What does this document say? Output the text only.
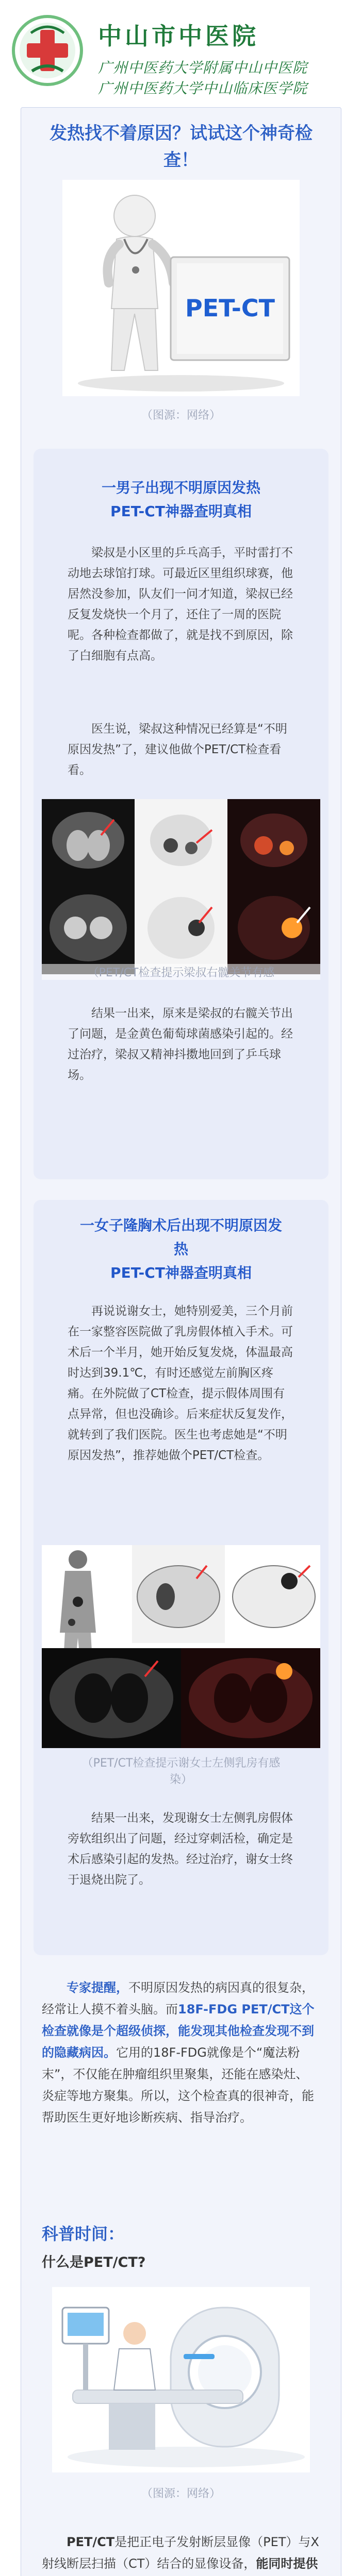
中山市中医院
广州中医药大学附属中山中医院
广州中医药大学中山临床医学院
发热找不着原因？试试这个神奇检查！
PET-CT
（图源：网络）
一男子出现不明原因发热
PET-CT神器查明真相
梁叔是小区里的乒乓高手，平时雷打不动地去球馆打球。可最近区里组织球赛，他居然没参加，队友们一问才知道，梁叔已经反复发烧快一个月了，还住了一周的医院呢。各种检查都做了，就是找不到原因，除了白细胞有点高。
医生说，梁叔这种情况已经算是“不明原因发热”了，建议他做个PET/CT检查看看。
（PET/CT检查提示梁叔右髋关节有感
结果一出来，原来是梁叔的右髋关节出了问题，是金黄色葡萄球菌感染引起的。经过治疗，梁叔又精神抖擞地回到了乒乓球场。
一女子隆胸术后出现不明原因发
热
PET-CT神器查明真相
再说说谢女士，她特别爱美，三个月前在一家整容医院做了乳房假体植入手术。可术后一个半月，她开始反复发烧，体温最高时达到39.1℃，有时还感觉左前胸区疼痛。在外院做了CT检查，提示假体周围有点异常，但也没确诊。后来症状反复发作，就转到了我们医院。医生也考虑她是“不明原因发热”，推荐她做个PET/CT检查。
（PET/CT检查提示谢女士左侧乳房有感
染）
结果一出来，发现谢女士左侧乳房假体旁软组织出了问题，经过穿刺活检，确定是术后感染引起的发热。经过治疗，谢女士终于退烧出院了。
专家提醒，不明原因发热的病因真的很复杂，经常让人摸不着头脑。而18F-FDG PET/CT这个检查就像是个超级侦探，能发现其他检查发现不到的隐藏病因。它用的18F-FDG就像是个“魔法粉末”，不仅能在肿瘤组织里聚集，还能在感染灶、炎症等地方聚集。所以，这个检查真的很神奇，能帮助医生更好地诊断疾病、指导治疗。
科普时间：
什么是PET/CT?
（图源：网络）
PET/CT是把正电子发射断层显像（PET）与X射线断层扫描（CT）结合的显像设备，能同时提供
